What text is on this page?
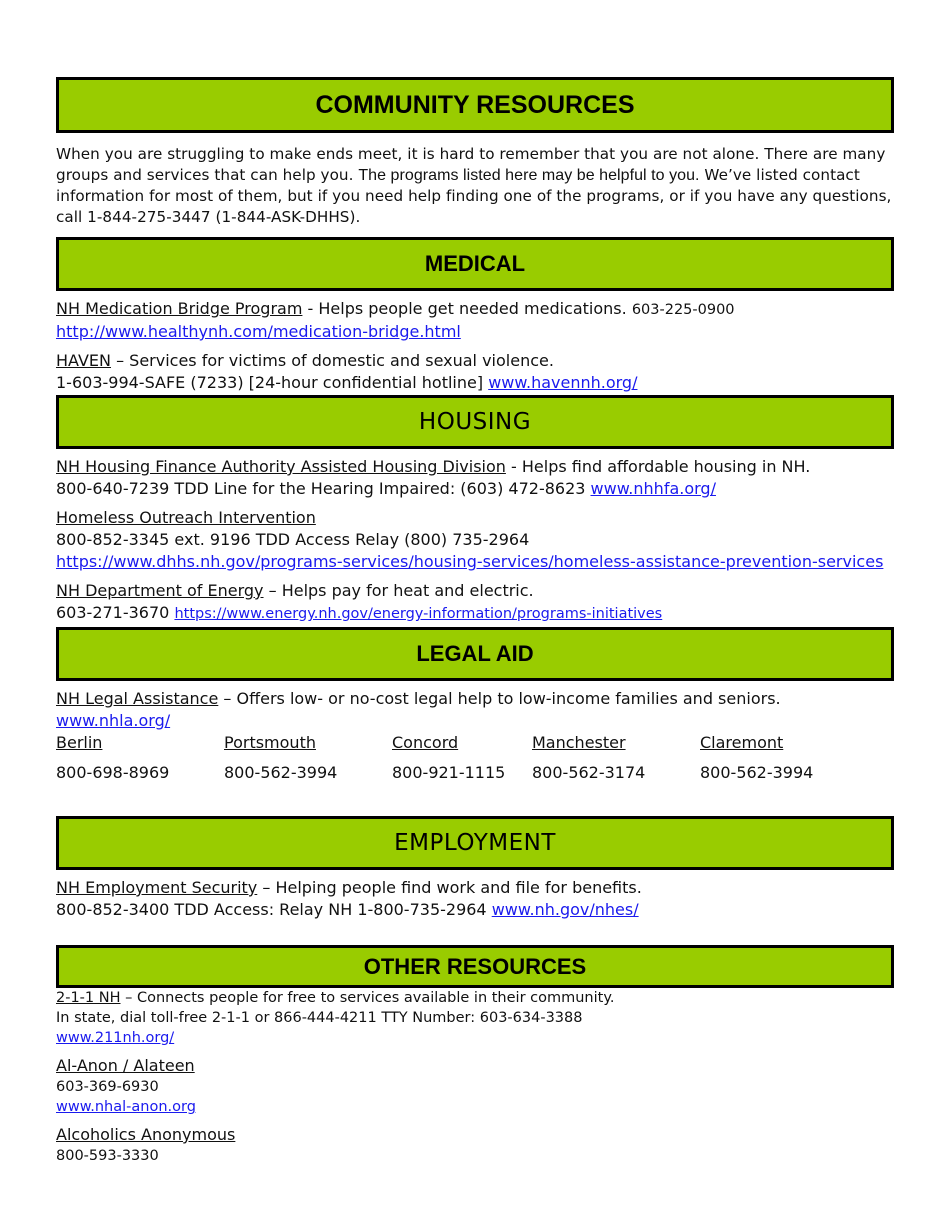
COMMUNITY RESOURCES

When you are struggling to make ends meet, it is hard to remember that you are not alone. There are many groups and services that can help you. The programs listed here may be helpful to you. We’ve listed contact information for most of them, but if you need help finding one of the programs, or if you have any questions, call 1-844-275-3447 (1-844-ASK-DHHS).

MEDICAL
NH Medication Bridge Program - Helps people get needed medications. 603-225-0900
http://www.healthynh.com/medication-bridge.html
HAVEN – Services for victims of domestic and sexual violence.
1-603-994-SAFE (7233) [24-hour confidential hotline] www.havennh.org/
HOUSING
NH Housing Finance Authority Assisted Housing Division - Helps find affordable housing in NH.
800-640-7239 TDD Line for the Hearing Impaired: (603) 472-8623 www.nhhfa.org/
Homeless Outreach Intervention
800-852-3345 ext. 9196 TDD Access Relay (800) 735-2964
https://www.dhhs.nh.gov/programs-services/housing-services/homeless-assistance-prevention-services
NH Department of Energy – Helps pay for heat and electric.
603-271-3670 https://www.energy.nh.gov/energy-information/programs-initiatives
LEGAL AID
NH Legal Assistance – Offers low- or no-cost legal help to low-income families and seniors.
www.nhla.org/
Berlin	Portsmouth	Concord	Manchester	Claremont
800-698-8969	800-562-3994	800-921-1115	800-562-3174	800-562-3994
EMPLOYMENT
NH Employment Security – Helping people find work and file for benefits.
800-852-3400 TDD Access: Relay NH 1-800-735-2964 www.nh.gov/nhes/
OTHER RESOURCES
2-1-1 NH – Connects people for free to services available in their community.
In state, dial toll-free 2-1-1 or 866-444-4211 TTY Number: 603-634-3388
www.211nh.org/
Al-Anon / Alateen
603-369-6930
www.nhal-anon.org
Alcoholics Anonymous
800-593-3330
